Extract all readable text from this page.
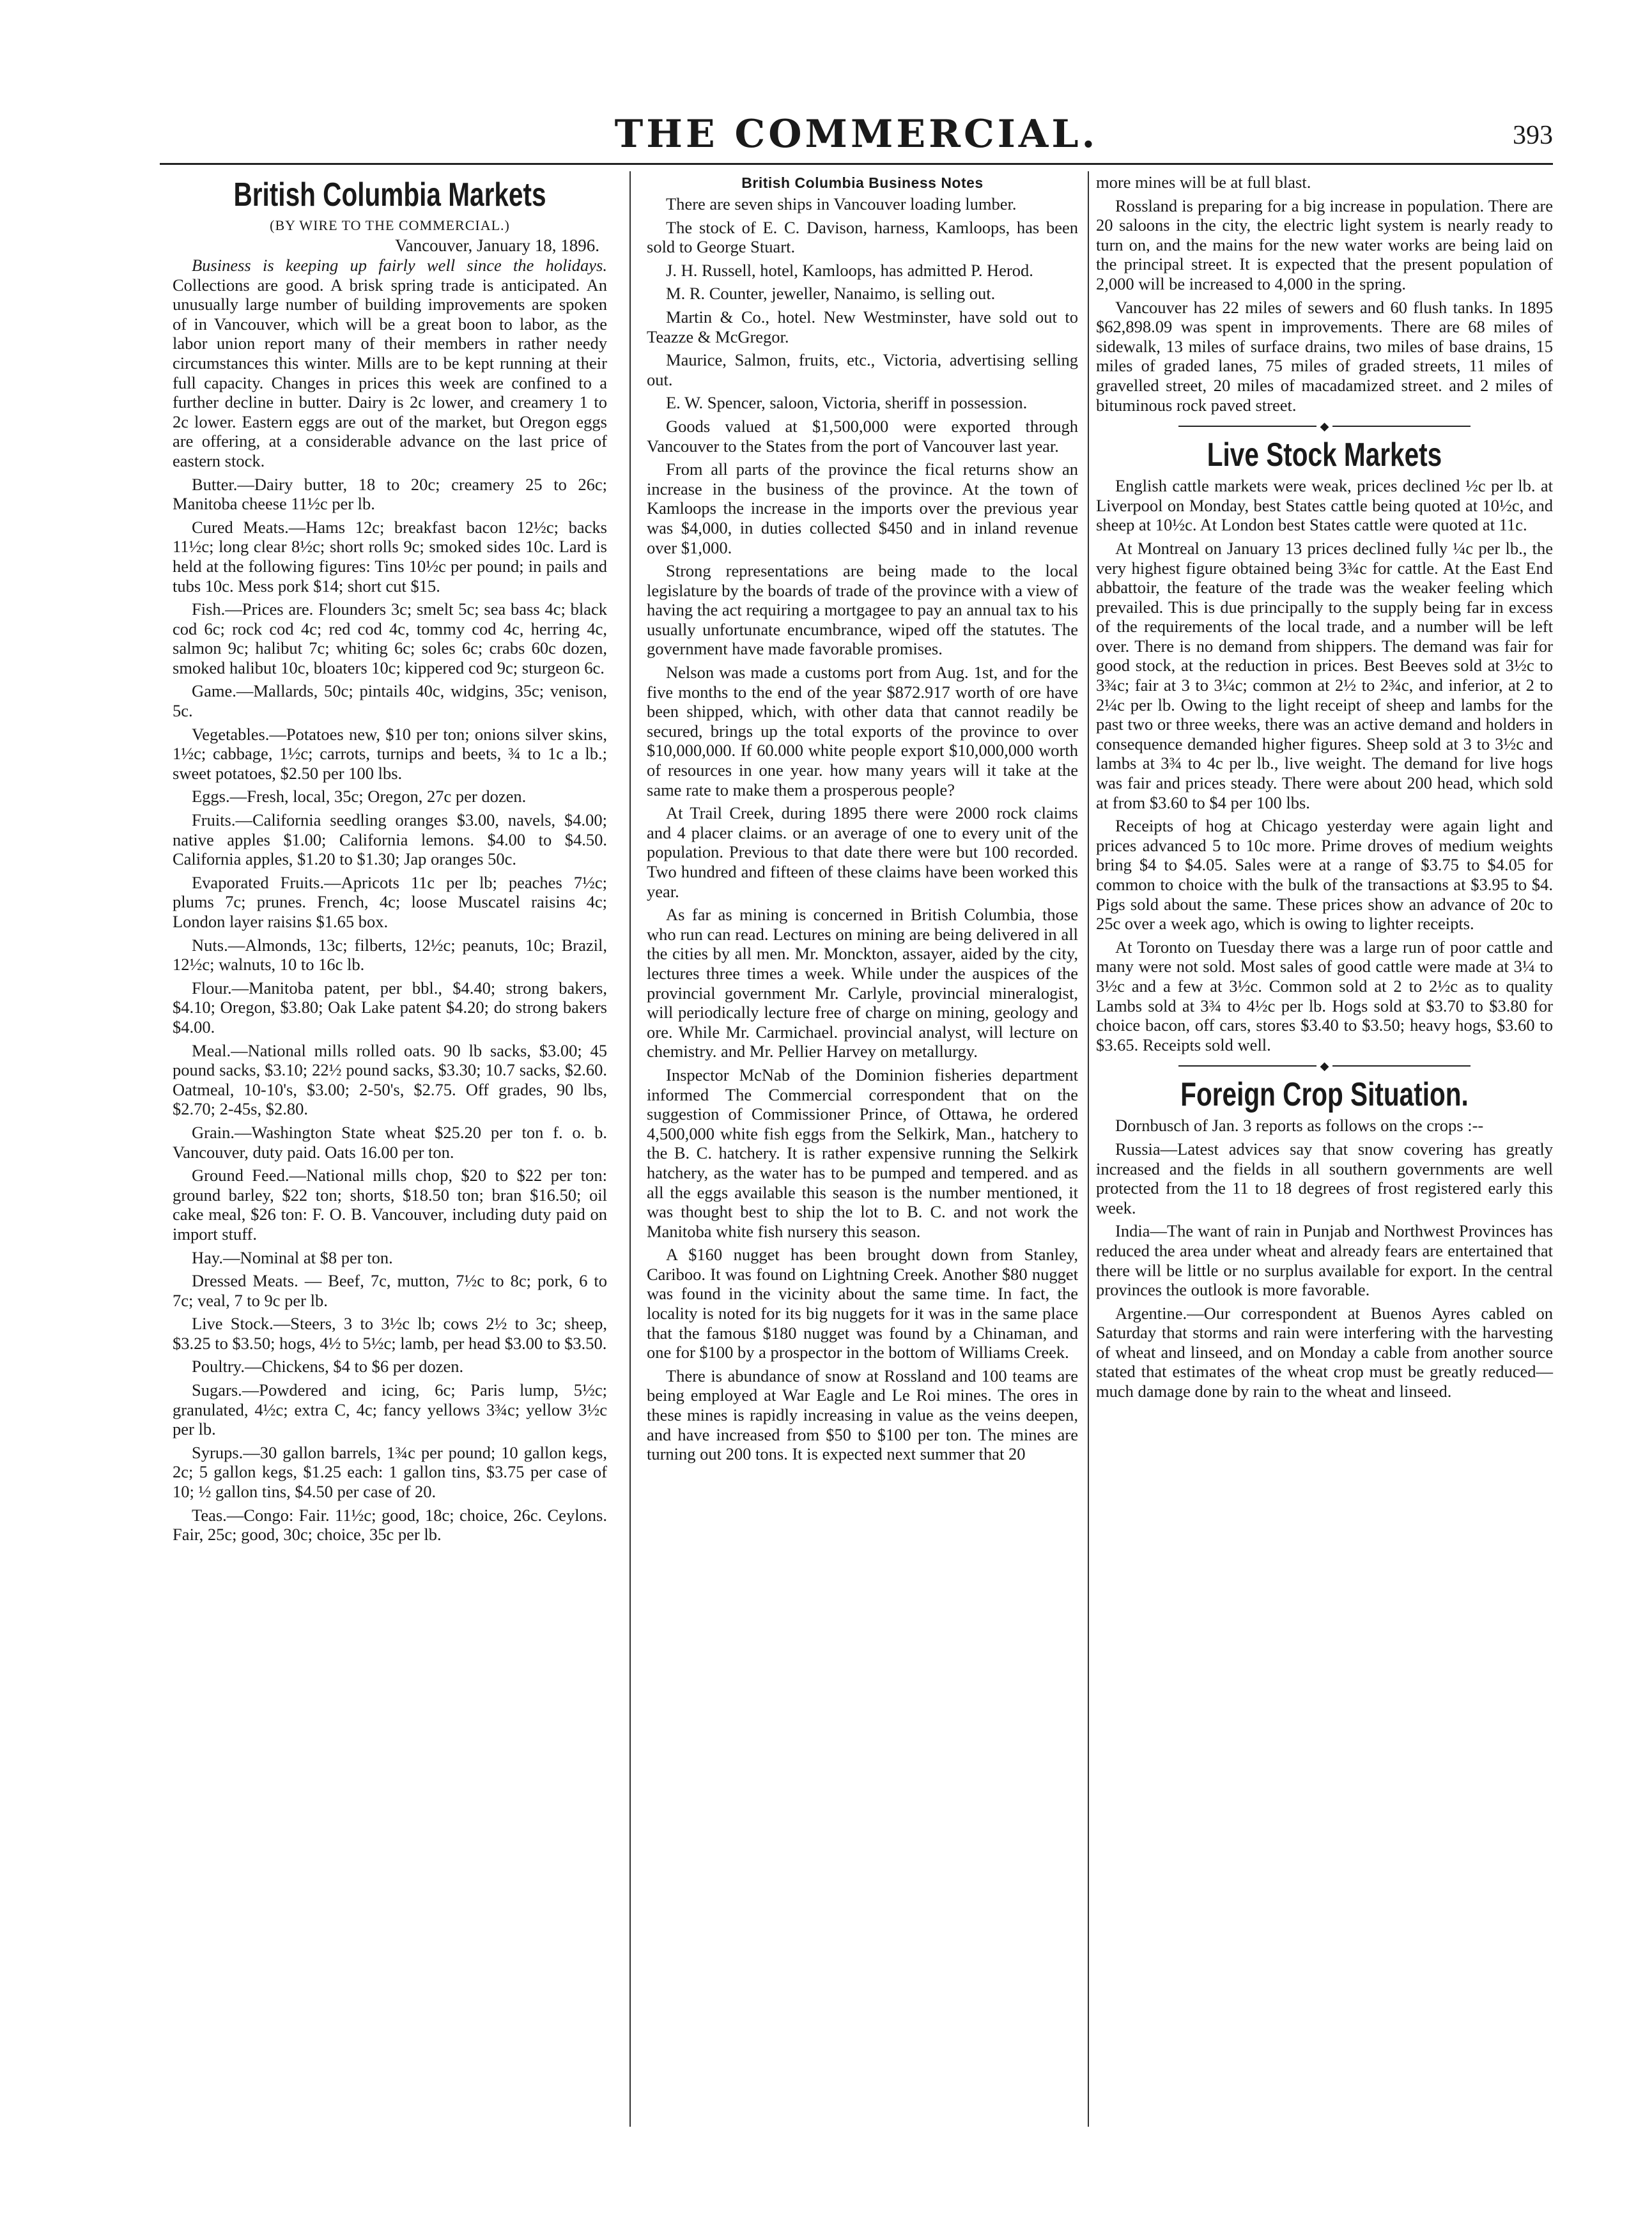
THE COMMERCIAL.	393
British Columbia Markets

(BY WIRE TO THE COMMERCIAL.)

Vancouver, January 18, 1896.

Business is keeping up fairly well since the holidays. Collections are good. A brisk spring trade is anticipated. An unusually large number of building improvements are spoken of in Vancouver, which will be a great boon to labor, as the labor union report many of their members in rather needy circumstances this winter. Mills are to be kept running at their full capacity. Changes in prices this week are confined to a further decline in butter. Dairy is 2c lower, and creamery 1 to 2c lower. Eastern eggs are out of the market, but Oregon eggs are offering, at a considerable advance on the last price of eastern stock.

Butter.—Dairy butter, 18 to 20c; creamery 25 to 26c; Manitoba cheese 11½c per lb.

Cured Meats.—Hams 12c; breakfast bacon 12½c; backs 11½c; long clear 8½c; short rolls 9c; smoked sides 10c. Lard is held at the following figures: Tins 10½c per pound; in pails and tubs 10c. Mess pork $14; short cut $15.

Fish.—Prices are. Flounders 3c; smelt 5c; sea bass 4c; black cod 6c; rock cod 4c; red cod 4c, tommy cod 4c, herring 4c, salmon 9c; halibut 7c; whiting 6c; soles 6c; crabs 60c dozen, smoked halibut 10c, bloaters 10c; kippered cod 9c; sturgeon 6c.

Game.—Mallards, 50c; pintails 40c, widgins, 35c; venison, 5c.

Vegetables.—Potatoes new, $10 per ton; onions silver skins, 1½c; cabbage, 1½c; carrots, turnips and beets, ¾ to 1c a lb.; sweet potatoes, $2.50 per 100 lbs.

Eggs.—Fresh, local, 35c; Oregon, 27c per dozen.

Fruits.—California seedling oranges $3.00, navels, $4.00; native apples $1.00; California lemons. $4.00 to $4.50. California apples, $1.20 to $1.30; Jap oranges 50c.

Evaporated Fruits.—Apricots 11c per lb; peaches 7½c; plums 7c; prunes. French, 4c; loose Muscatel raisins 4c; London layer raisins $1.65 box.

Nuts.—Almonds, 13c; filberts, 12½c; peanuts, 10c; Brazil, 12½c; walnuts, 10 to 16c lb.

Flour.—Manitoba patent, per bbl., $4.40; strong bakers, $4.10; Oregon, $3.80; Oak Lake patent $4.20; do strong bakers $4.00.

Meal.—National mills rolled oats. 90 lb sacks, $3.00; 45 pound sacks, $3.10; 22½ pound sacks, $3.30; 10.7 sacks, $2.60. Oatmeal, 10-10's, $3.00; 2-50's, $2.75. Off grades, 90 lbs, $2.70; 2-45s, $2.80.

Grain.—Washington State wheat $25.20 per ton f. o. b. Vancouver, duty paid. Oats 16.00 per ton.

Ground Feed.—National mills chop, $20 to $22 per ton: ground barley, $22 ton; shorts, $18.50 ton; bran $16.50; oil cake meal, $26 ton: F. O. B. Vancouver, including duty paid on import stuff.

Hay.—Nominal at $8 per ton.

Dressed Meats. — Beef, 7c, mutton, 7½c to 8c; pork, 6 to 7c; veal, 7 to 9c per lb.

Live Stock.—Steers, 3 to 3½c lb; cows 2½ to 3c; sheep, $3.25 to $3.50; hogs, 4½ to 5½c; lamb, per head $3.00 to $3.50.

Poultry.—Chickens, $4 to $6 per dozen.

Sugars.—Powdered and icing, 6c; Paris lump, 5½c; granulated, 4½c; extra C, 4c; fancy yellows 3¾c; yellow 3½c per lb.

Syrups.—30 gallon barrels, 1¾c per pound; 10 gallon kegs, 2c; 5 gallon kegs, $1.25 each: 1 gallon tins, $3.75 per case of 10; ½ gallon tins, $4.50 per case of 20.

Teas.—Congo: Fair. 11½c; good, 18c; choice, 26c. Ceylons. Fair, 25c; good, 30c; choice, 35c per lb.

British Columbia Business Notes

There are seven ships in Vancouver loading lumber.

The stock of E. C. Davison, harness, Kamloops, has been sold to George Stuart.

J. H. Russell, hotel, Kamloops, has admitted P. Herod.

M. R. Counter, jeweller, Nanaimo, is selling out.

Martin & Co., hotel. New Westminster, have sold out to Teazze & McGregor.

Maurice, Salmon, fruits, etc., Victoria, advertising selling out.

E. W. Spencer, saloon, Victoria, sheriff in possession.

Goods valued at $1,500,000 were exported through Vancouver to the States from the port of Vancouver last year.

From all parts of the province the fical returns show an increase in the business of the province. At the town of Kamloops the increase in the imports over the previous year was $4,000, in duties collected $450 and in inland revenue over $1,000.

Strong representations are being made to the local legislature by the boards of trade of the province with a view of having the act requiring a mortgagee to pay an annual tax to his usually unfortunate encumbrance, wiped off the statutes. The government have made favorable promises.

Nelson was made a customs port from Aug. 1st, and for the five months to the end of the year $872.917 worth of ore have been shipped, which, with other data that cannot readily be secured, brings up the total exports of the province to over $10,000,000. If 60.000 white people export $10,000,000 worth of resources in one year. how many years will it take at the same rate to make them a prosperous people?

At Trail Creek, during 1895 there were 2000 rock claims and 4 placer claims. or an average of one to every unit of the population. Previous to that date there were but 100 recorded. Two hundred and fifteen of these claims have been worked this year.

As far as mining is concerned in British Columbia, those who run can read. Lectures on mining are being delivered in all the cities by all men. Mr. Monckton, assayer, aided by the city, lectures three times a week. While under the auspices of the provincial government Mr. Carlyle, provincial mineralogist, will periodically lecture free of charge on mining, geology and ore. While Mr. Carmichael. provincial analyst, will lecture on chemistry. and Mr. Pellier Harvey on metallurgy.

Inspector McNab of the Dominion fisheries department informed The Commercial correspondent that on the suggestion of Commissioner Prince, of Ottawa, he ordered 4,500,000 white fish eggs from the Selkirk, Man., hatchery to the B. C. hatchery. It is rather expensive running the Selkirk hatchery, as the water has to be pumped and tempered. and as all the eggs available this season is the number mentioned, it was thought best to ship the lot to B. C. and not work the Manitoba white fish nursery this season.

A $160 nugget has been brought down from Stanley, Cariboo. It was found on Lightning Creek. Another $80 nugget was found in the vicinity about the same time. In fact, the locality is noted for its big nuggets for it was in the same place that the famous $180 nugget was found by a Chinaman, and one for $100 by a prospector in the bottom of Williams Creek.

There is abundance of snow at Rossland and 100 teams are being employed at War Eagle and Le Roi mines. The ores in these mines is rapidly increasing in value as the veins deepen, and have increased from $50 to $100 per ton. The mines are turning out 200 tons. It is expected next summer that 20

more mines will be at full blast.

Rossland is preparing for a big increase in population. There are 20 saloons in the city, the electric light system is nearly ready to turn on, and the mains for the new water works are being laid on the principal street. It is expected that the present population of 2,000 will be increased to 4,000 in the spring.

Vancouver has 22 miles of sewers and 60 flush tanks. In 1895 $62,898.09 was spent in improvements. There are 68 miles of sidewalk, 13 miles of surface drains, two miles of base drains, 15 miles of graded lanes, 75 miles of graded streets, 11 miles of gravelled street, 20 miles of macadamized street. and 2 miles of bituminous rock paved street.

◆
Live Stock Markets

English cattle markets were weak, prices declined ½c per lb. at Liverpool on Monday, best States cattle being quoted at 10½c, and sheep at 10½c. At London best States cattle were quoted at 11c.

At Montreal on January 13 prices declined fully ¼c per lb., the very highest figure obtained being 3¾c for cattle. At the East End abbattoir, the feature of the trade was the weaker feeling which prevailed. This is due principally to the supply being far in excess of the requirements of the local trade, and a number will be left over. There is no demand from shippers. The demand was fair for good stock, at the reduction in prices. Best Beeves sold at 3½c to 3¾c; fair at 3 to 3¼c; common at 2½ to 2¾c, and inferior, at 2 to 2¼c per lb. Owing to the light receipt of sheep and lambs for the past two or three weeks, there was an active demand and holders in consequence demanded higher figures. Sheep sold at 3 to 3½c and lambs at 3¾ to 4c per lb., live weight. The demand for live hogs was fair and prices steady. There were about 200 head, which sold at from $3.60 to $4 per 100 lbs.

Receipts of hog at Chicago yesterday were again light and prices advanced 5 to 10c more. Prime droves of medium weights bring $4 to $4.05. Sales were at a range of $3.75 to $4.05 for common to choice with the bulk of the transactions at $3.95 to $4. Pigs sold about the same. These prices show an advance of 20c to 25c over a week ago, which is owing to lighter receipts.

At Toronto on Tuesday there was a large run of poor cattle and many were not sold. Most sales of good cattle were made at 3¼ to 3½c and a few at 3½c. Common sold at 2 to 2½c as to quality Lambs sold at 3¾ to 4½c per lb. Hogs sold at $3.70 to $3.80 for choice bacon, off cars, stores $3.40 to $3.50; heavy hogs, $3.60 to $3.65. Receipts sold well.

◆
Foreign Crop Situation.

Dornbusch of Jan. 3 reports as follows on the crops :--

Russia—Latest advices say that snow covering has greatly increased and the fields in all southern governments are well protected from the 11 to 18 degrees of frost registered early this week.

India—The want of rain in Punjab and Northwest Provinces has reduced the area under wheat and already fears are entertained that there will be little or no surplus available for export. In the central provinces the outlook is more favorable.

Argentine.—Our correspondent at Buenos Ayres cabled on Saturday that storms and rain were interfering with the harvesting of wheat and linseed, and on Monday a cable from another source stated that estimates of the wheat crop must be greatly reduced—much damage done by rain to the wheat and linseed.
